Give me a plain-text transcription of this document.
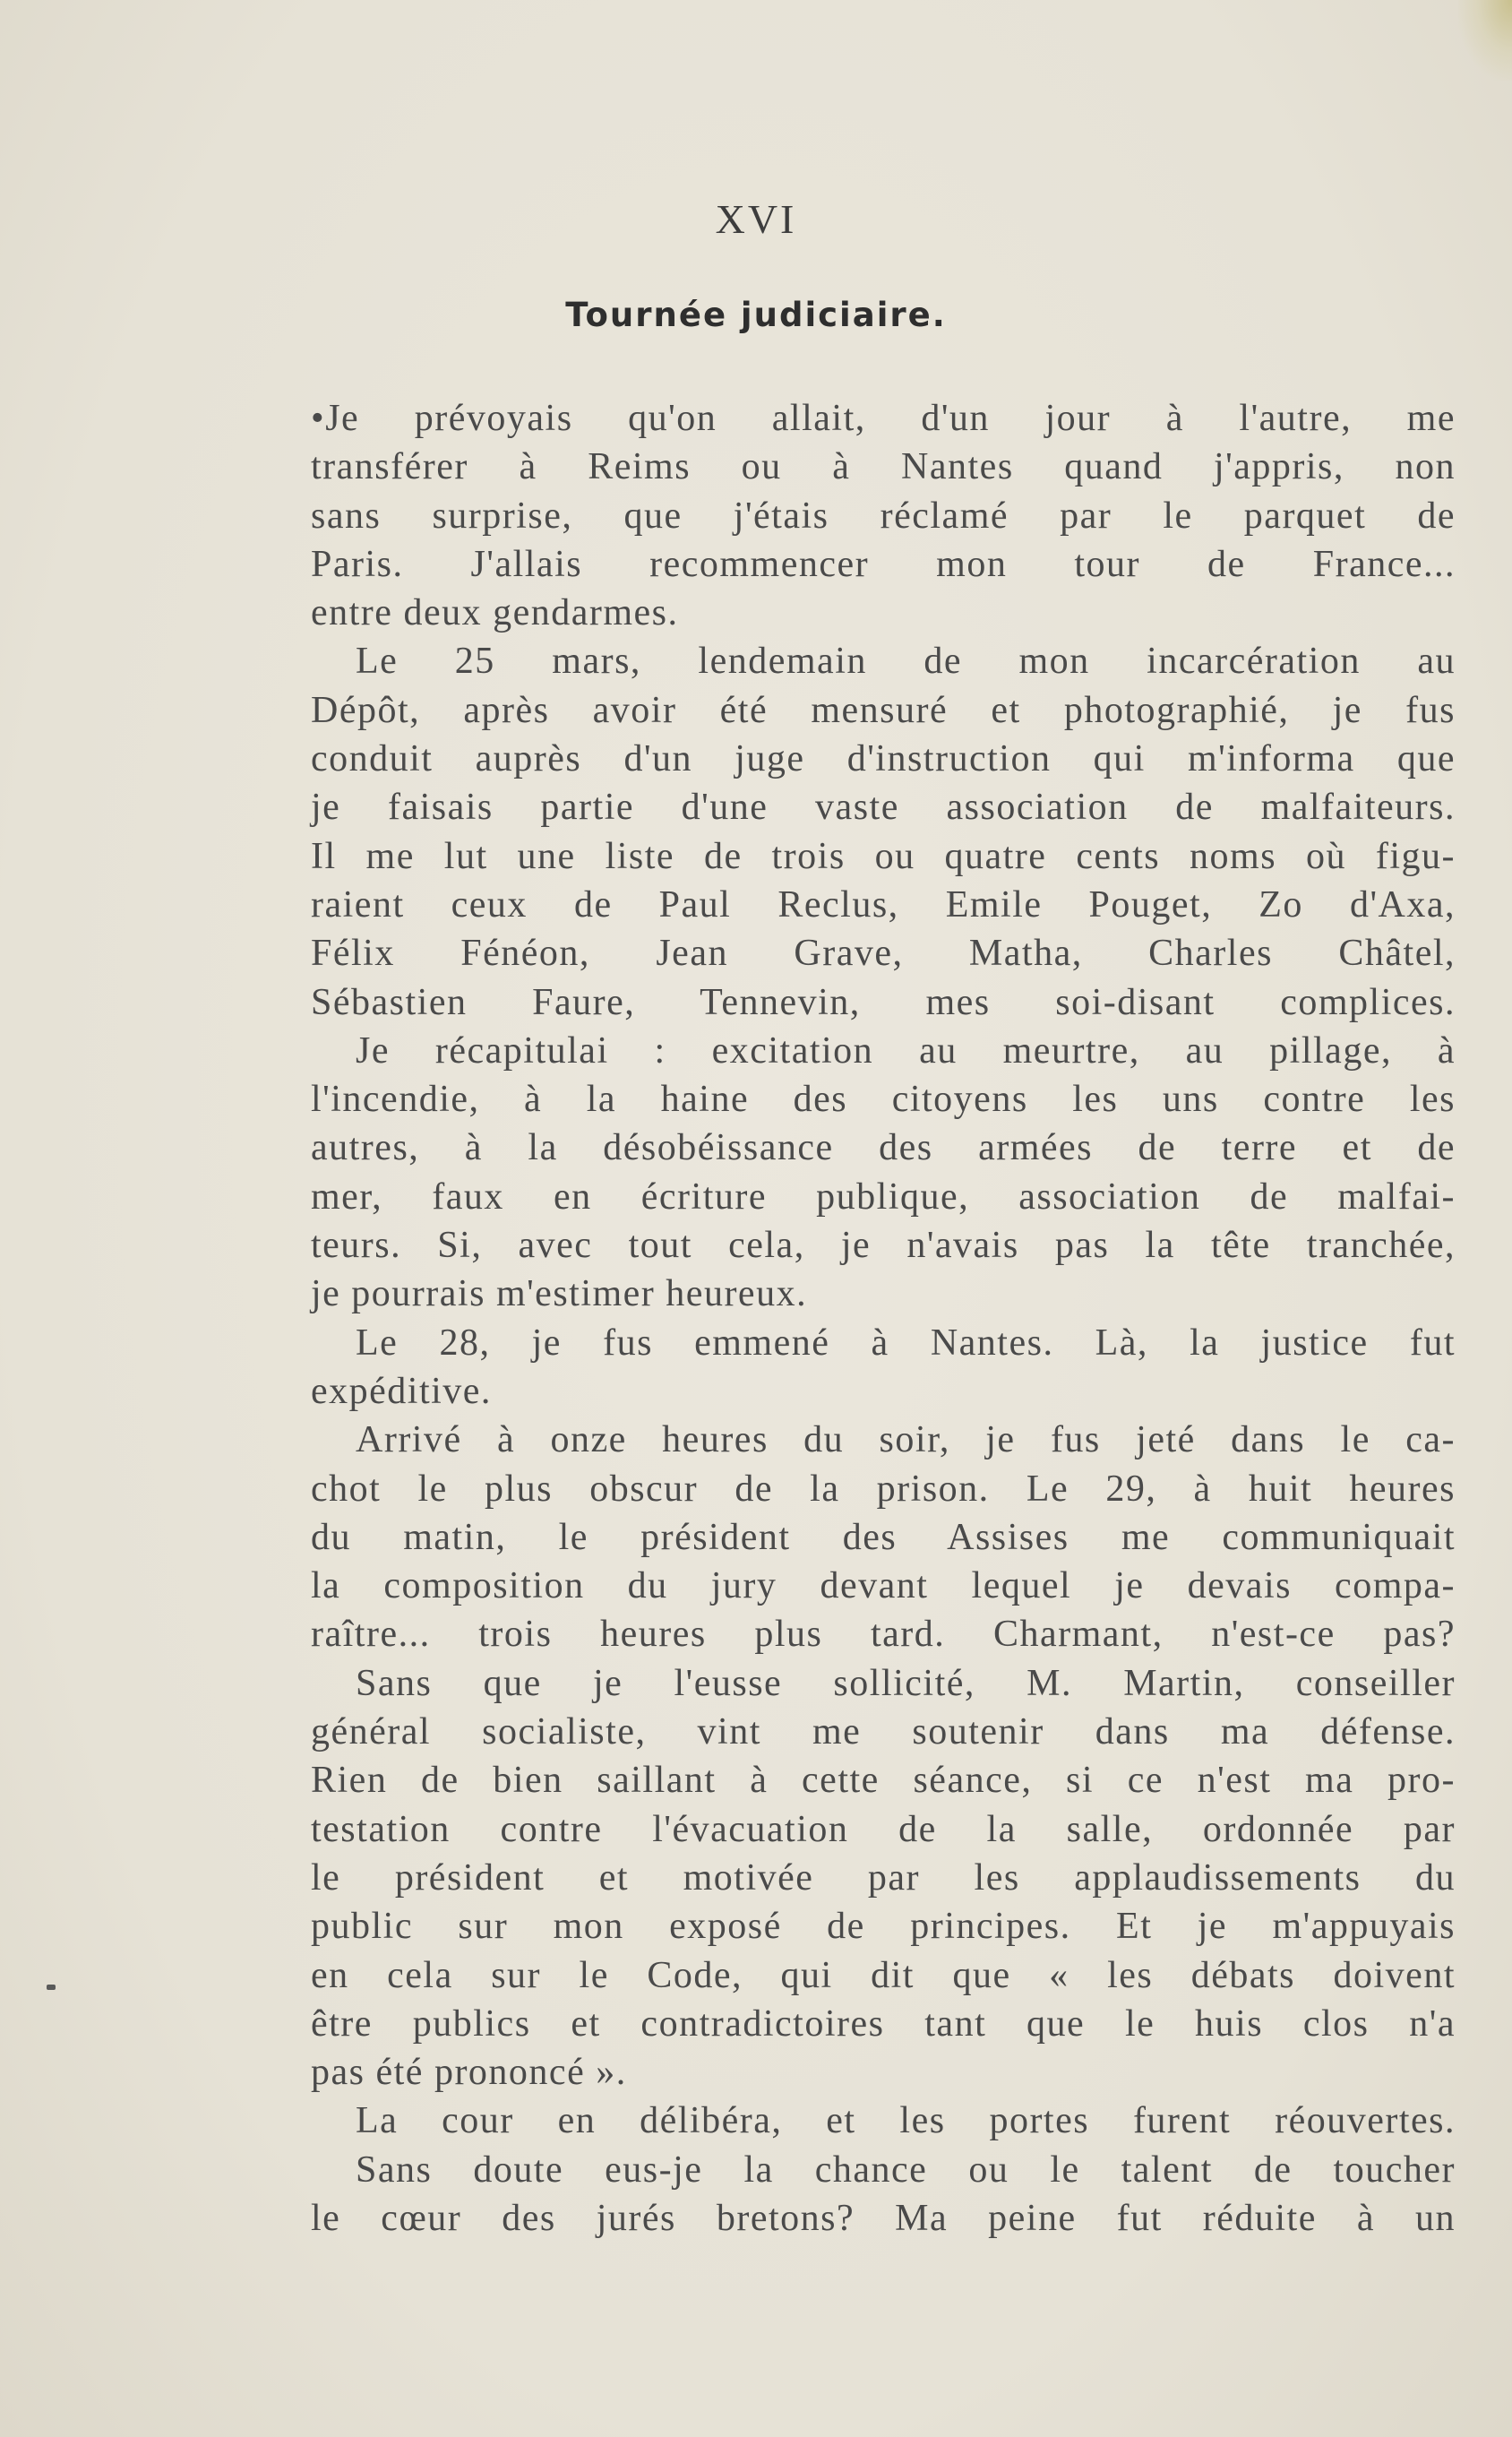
XVI
Tournée judiciaire.
•Je prévoyais qu'on allait, d'un jour à l'autre, me
transférer à Reims ou à Nantes quand j'appris, non
sans surprise, que j'étais réclamé par le parquet de
Paris. J'allais recommencer mon tour de France...
entre deux gendarmes.
Le 25 mars, lendemain de mon incarcération au
Dépôt, après avoir été mensuré et photographié, je fus
conduit auprès d'un juge d'instruction qui m'informa que
je faisais partie d'une vaste association de malfaiteurs.
Il me lut une liste de trois ou quatre cents noms où figu-
raient ceux de Paul Reclus, Emile Pouget, Zo d'Axa,
Félix Fénéon, Jean Grave, Matha, Charles Châtel,
Sébastien Faure, Tennevin, mes soi-disant complices.
Je récapitulai : excitation au meurtre, au pillage, à
l'incendie, à la haine des citoyens les uns contre les
autres, à la désobéissance des armées de terre et de
mer, faux en écriture publique, association de malfai-
teurs. Si, avec tout cela, je n'avais pas la tête tranchée,
je pourrais m'estimer heureux.
Le 28, je fus emmené à Nantes. Là, la justice fut
expéditive.
Arrivé à onze heures du soir, je fus jeté dans le ca-
chot le plus obscur de la prison. Le 29, à huit heures
du matin, le président des Assises me communiquait
la composition du jury devant lequel je devais compa-
raître... trois heures plus tard. Charmant, n'est-ce pas?
Sans que je l'eusse sollicité, M. Martin, conseiller
général socialiste, vint me soutenir dans ma défense.
Rien de bien saillant à cette séance, si ce n'est ma pro-
testation contre l'évacuation de la salle, ordonnée par
le président et motivée par les applaudissements du
public sur mon exposé de principes. Et je m'appuyais
en cela sur le Code, qui dit que « les débats doivent
être publics et contradictoires tant que le huis clos n'a
pas été prononcé ».
La cour en délibéra, et les portes furent réouvertes.
Sans doute eus-je la chance ou le talent de toucher
le cœur des jurés bretons? Ma peine fut réduite à un
